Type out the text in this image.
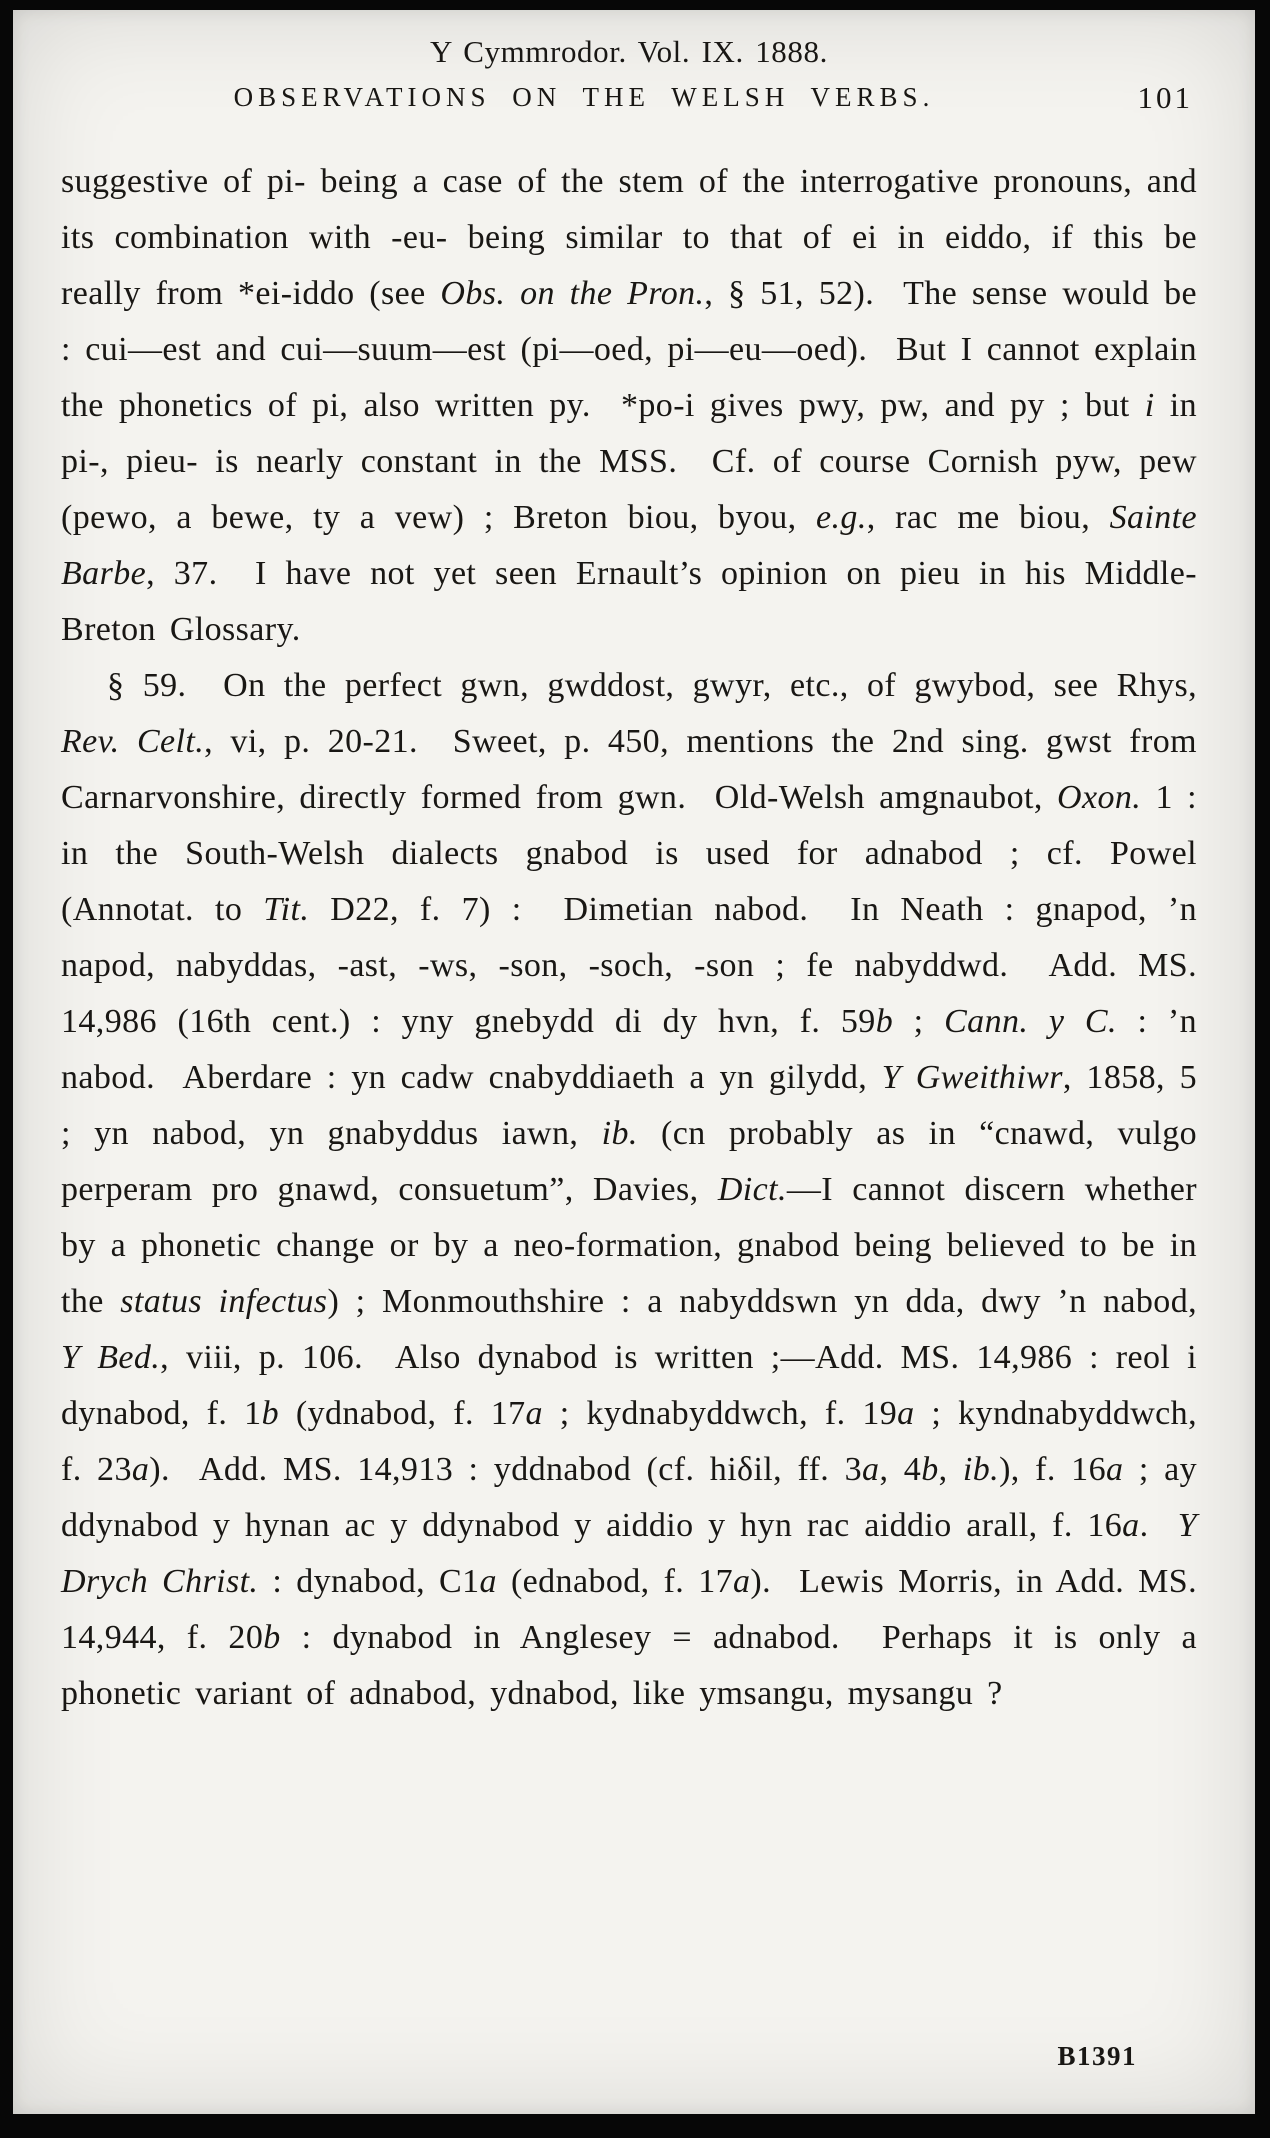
Y Cymmrodor. Vol. IX. 1888.
OBSERVATIONS ON THE WELSH VERBS.	101

suggestive of pi- being a case of the stem of the interrogative pronouns, and its combination with -eu- being similar to that of ei in eiddo, if this be really from *ei-iddo (see Obs. on the Pron., § 51, 52).  The sense would be : cui—est and cui—suum—est (pi—oed, pi—eu—oed).  But I cannot explain the phonetics of pi, also written py.  *po-i gives pwy, pw, and py ; but i in pi-, pieu- is nearly constant in the MSS.  Cf. of course Cornish pyw, pew (pewo, a bewe, ty a vew) ; Breton biou, byou, e.g., rac me biou, Sainte Barbe, 37.  I have not yet seen Ernault’s opinion on pieu in his Middle-Breton Glossary.

§ 59.  On the perfect gwn, gwddost, gwyr, etc., of gwybod, see Rhys, Rev. Celt., vi, p. 20-21.  Sweet, p. 450, mentions the 2nd sing. gwst from Carnarvonshire, directly formed from gwn.  Old-Welsh amgnaubot, Oxon. 1 : in the South-Welsh dialects gnabod is used for adnabod ; cf. Powel (Annotat. to Tit. D22, f. 7) :  Dimetian nabod.  In Neath : gnapod, ’n napod, nabyddas, -ast, -ws, -son, -soch, -son ; fe nabyddwd.  Add. MS. 14,986 (16th cent.) : yny gnebydd di dy hvn, f. 59b ; Cann. y C. : ’n nabod.  Aberdare : yn cadw cnabyddiaeth a yn gilydd, Y Gweithiwr, 1858, 5 ; yn nabod, yn gnabyddus iawn, ib. (cn probably as in “cnawd, vulgo perperam pro gnawd, consuetum”, Davies, Dict.—I cannot discern whether by a phonetic change or by a neo-formation, gnabod being believed to be in the status infectus) ; Monmouthshire : a nabyddswn yn dda, dwy ’n nabod, Y Bed., viii, p. 106.  Also dynabod is written ;—Add. MS. 14,986 : reol i dynabod, f. 1b (ydnabod, f. 17a ; kydnabyddwch, f. 19a ; kyndnabyddwch, f. 23a).  Add. MS. 14,913 : yddnabod (cf. hiδil, ff. 3a, 4b, ib.), f. 16a ; ay ddynabod y hynan ac y ddynabod y aiddio y hyn rac aiddio arall, f. 16a.  Y Drych Christ. : dynabod, C1a (ednabod, f. 17a).  Lewis Morris, in Add. MS. 14,944, f. 20b : dynabod in Anglesey = adnabod.  Perhaps it is only a phonetic variant of adnabod, ydnabod, like ymsangu, mysangu ?

B1391
